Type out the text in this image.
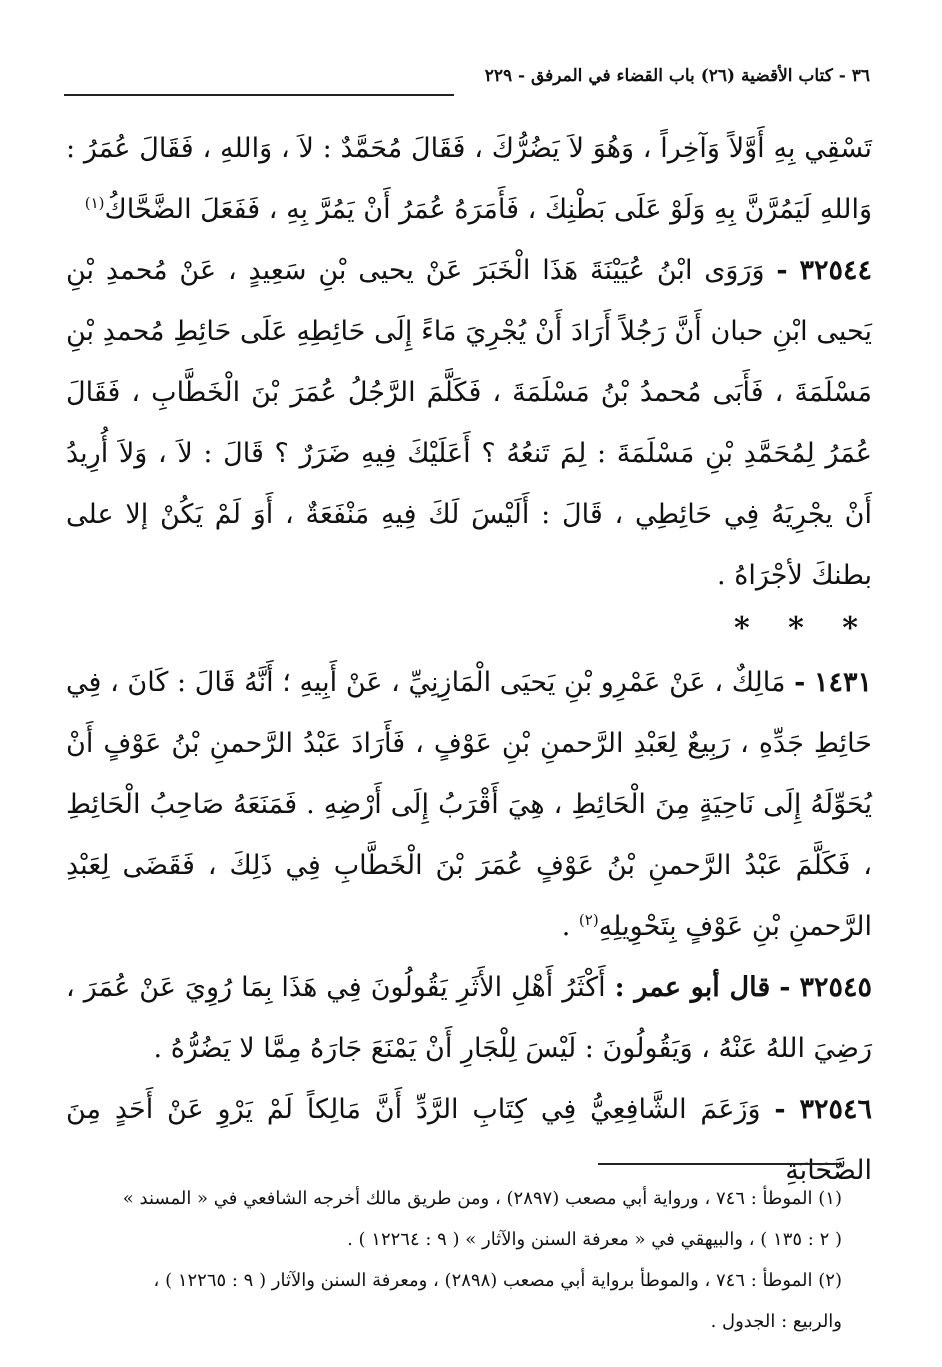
٣٦ - كتاب الأقضية (٢٦) باب القضاء في المرفق - ٢٢٩

تَسْقِي بِهِ أَوَّلاً وَآخِراً ، وَهُوَ لاَ يَضُرُّكَ ، فَقَالَ مُحَمَّدٌ : لاَ ، وَاللهِ ، فَقَالَ عُمَرُ : وَاللهِ لَيَمُرَّنَّ بِهِ وَلَوْ عَلَى بَطْنِكَ ، فَأَمَرَهُ عُمَرُ أَنْ يَمُرَّ بِهِ ، فَفَعَلَ الضَّحَّاكُ$^{(١)}$

٣٢٥٤٤ - وَرَوَى ابْنُ عُيَيْنَةَ هَذَا الْخَبَرَ عَنْ يحيى بْنِ سَعِيدٍ ، عَنْ مُحمدِ بْنِ يَحيى ابْنِ حبان أَنَّ رَجُلاً أَرَادَ أَنْ يُجْرِيَ مَاءً إِلَى حَائِطِهِ عَلَى حَائِطِ مُحمدِ بْنِ مَسْلَمَةَ ، فَأَبَى مُحمدُ بْنُ مَسْلَمَةَ ، فَكَلَّمَ الرَّجُلُ عُمَرَ بْنَ الْخَطَّابِ ، فَقَالَ عُمَرُ لِمُحَمَّدِ بْنِ مَسْلَمَةَ : لِمَ تَنعُهُ ؟ أَعَلَيْكَ فِيهِ ضَرَرٌ ؟ قَالَ : لاَ ، وَلاَ أُرِيدُ أَنْ يجْرِيَهُ فِي حَائِطِي ، قَالَ : أَلَيْسَ لَكَ فِيهِ مَنْفَعَةٌ ، أَوَ لَمْ يَكُنْ إلا على بطنكَ لأجْرَاهُ .

* * *

١٤٣١ - مَالِكٌ ، عَنْ عَمْرِو بْنِ يَحيَى الْمَازِنِيِّ ، عَنْ أَبِيهِ ؛ أَنَّهُ قَالَ : كَانَ ، فِي حَائِطِ جَدِّهِ ، رَبِيعٌ لِعَبْدِ الرَّحمنِ بْنِ عَوْفٍ ، فَأَرَادَ عَبْدُ الرَّحمنِ بْنُ عَوْفٍ أَنْ يُحَوِّلَهُ إِلَى نَاحِيَةٍ مِنَ الْحَائِطِ ، هِيَ أَقْرَبُ إِلَى أَرْضِهِ . فَمَنَعَهُ صَاحِبُ الْحَائِطِ ، فَكَلَّمَ عَبْدُ الرَّحمنِ بْنُ عَوْفٍ عُمَرَ بْنَ الْخَطَّابِ فِي ذَلِكَ ، فَقَضَى لِعَبْدِ الرَّحمنِ بْنِ عَوْفٍ بِتَحْوِيلِهِ$^{(٢)}$ .

٣٢٥٤٥ - قال أبو عمر : أَكْثَرُ أَهْلِ الأَثَرِ يَقُولُونَ فِي هَذَا بِمَا رُوِيَ عَنْ عُمَرَ ، رَضِيَ اللهُ عَنْهُ ، وَيَقُولُونَ : لَيْسَ لِلْجَارِ أَنْ يَمْنَعَ جَارَهُ مِمَّا لا يَضُرُّهُ .

٣٢٥٤٦ - وَزَعَمَ الشَّافِعِيُّ فِي كِتَابِ الرَّدِّ أَنَّ مَالِكاً لَمْ يَرْوِ عَنْ أَحَدٍ مِنَ الصَّحَابَةِ

(١) الموطأ : ٧٤٦ ، ورواية أبي مصعب (٢٨٩٧) ، ومن طريق مالك أخرجه الشافعي في « المسند »

( ٢ : ١٣٥ ) ، والبيهقي في « معرفة السنن والآثار » ( ٩ : ١٢٢٦٤ ) .

(٢) الموطأ : ٧٤٦ ، والموطأ برواية أبي مصعب (٢٨٩٨) ، ومعرفة السنن والآثار ( ٩ : ١٢٢٦٥ ) ،

والربيع : الجدول .
